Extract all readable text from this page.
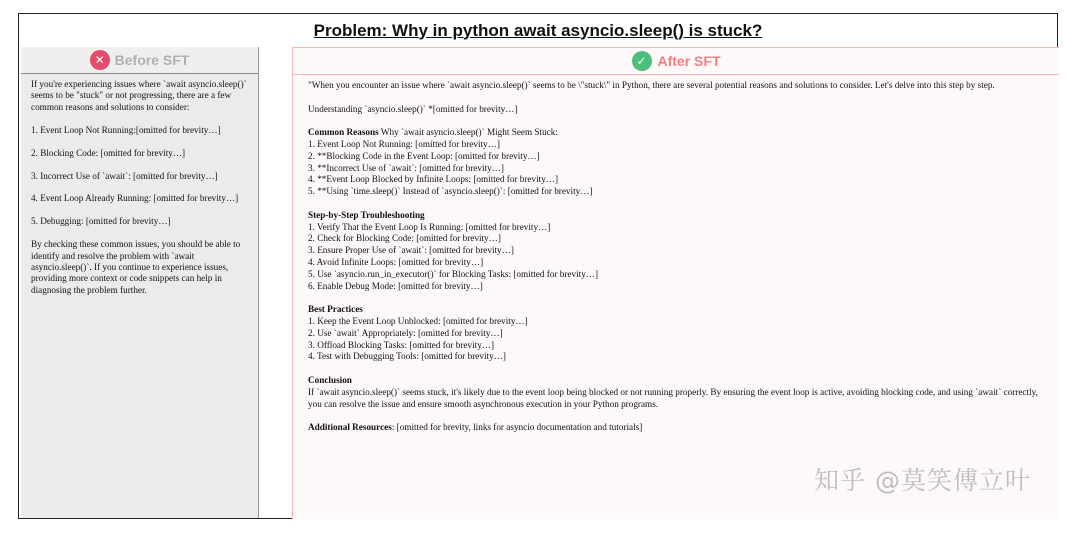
Problem: Why in python await asyncio.sleep() is stuck?
✕ Before SFT

If you're experiencing issues where `await asyncio.sleep()` seems to be "stuck" or not progressing, there are a few common reasons and solutions to consider:

1. Event Loop Not Running:[omitted for brevity…]

2. Blocking Code: [omitted for brevity…]

3. Incorrect Use of `await`: [omitted for brevity…]

4. Event Loop Already Running: [omitted for brevity…]

5. Debugging: [omitted for brevity…]

By checking these common issues, you should be able to identify and resolve the problem with `await asyncio.sleep()`. If you continue to experience issues, providing more context or code snippets can help in diagnosing the problem further.

✓ After SFT

"When you encounter an issue where `await asyncio.sleep()` seems to be \"stuck\" in Python, there are several potential reasons and solutions to consider. Let's delve into this step by step.

Understanding `asyncio.sleep()` *[omitted for brevity…]

Common Reasons Why `await asyncio.sleep()` Might Seem Stuck:
1. Event Loop Not Running: [omitted for brevity…]
2. **Blocking Code in the Event Loop: [omitted for brevity…]
3. **Incorrect Use of `await`: [omitted for brevity…]
4. **Event Loop Blocked by Infinite Loops: [omitted for brevity…]
5. **Using `time.sleep()` Instead of `asyncio.sleep()`: [omitted for brevity…]

Step-by-Step Troubleshooting
1. Verify That the Event Loop Is Running: [omitted for brevity…]
2. Check for Blocking Code: [omitted for brevity…]
3. Ensure Proper Use of `await`: [omitted for brevity…]
4. Avoid Infinite Loops: [omitted for brevity…]
5. Use `asyncio.run_in_executor()` for Blocking Tasks: [omitted for brevity…]
6. Enable Debug Mode: [omitted for brevity…]

Best Practices
1. Keep the Event Loop Unblocked: [omitted for brevity…]
2. Use `await` Appropriately: [omitted for brevity…]
3. Offload Blocking Tasks: [omitted for brevity…]
4. Test with Debugging Tools: [omitted for brevity…]

Conclusion
If `await asyncio.sleep()` seems stuck, it's likely due to the event loop being blocked or not running properly. By ensuring the event loop is active, avoiding blocking code, and using `await` correctly, you can resolve the issue and ensure smooth asynchronous execution in your Python programs.

Additional Resources: [omitted for brevity, links for asyncio documentation and tutorials]

知乎 @莫笑傅立叶
